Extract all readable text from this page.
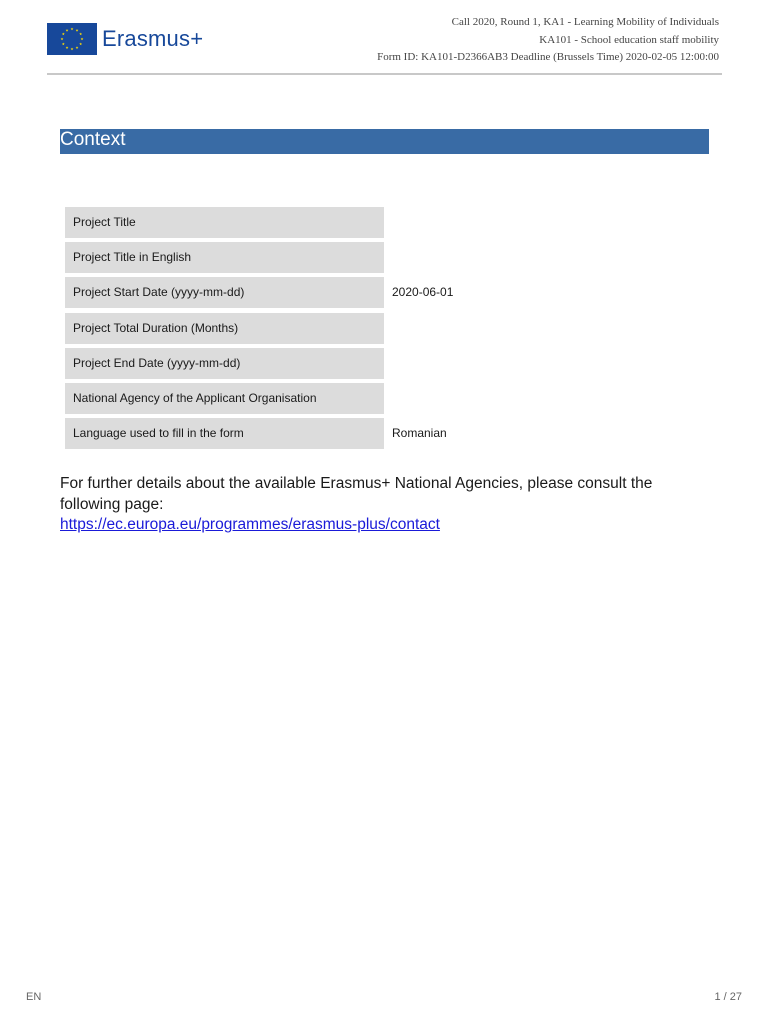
Erasmus+
Call 2020, Round 1, KA1 - Learning Mobility of Individuals
KA101 - School education staff mobility
Form ID: KA101-D2366AB3 Deadline (Brussels Time) 2020-02-05 12:00:00
Context
Project Title
Project Title in English
Project Start Date (yyyy-mm-dd)	2020-06-01
Project Total Duration (Months)
Project End Date (yyyy-mm-dd)
National Agency of the Applicant Organisation
Language used to fill in the form	Romanian
For further details about the available Erasmus+ National Agencies, please consult the following page:
https://ec.europa.eu/programmes/erasmus-plus/contact
EN	1 / 27
